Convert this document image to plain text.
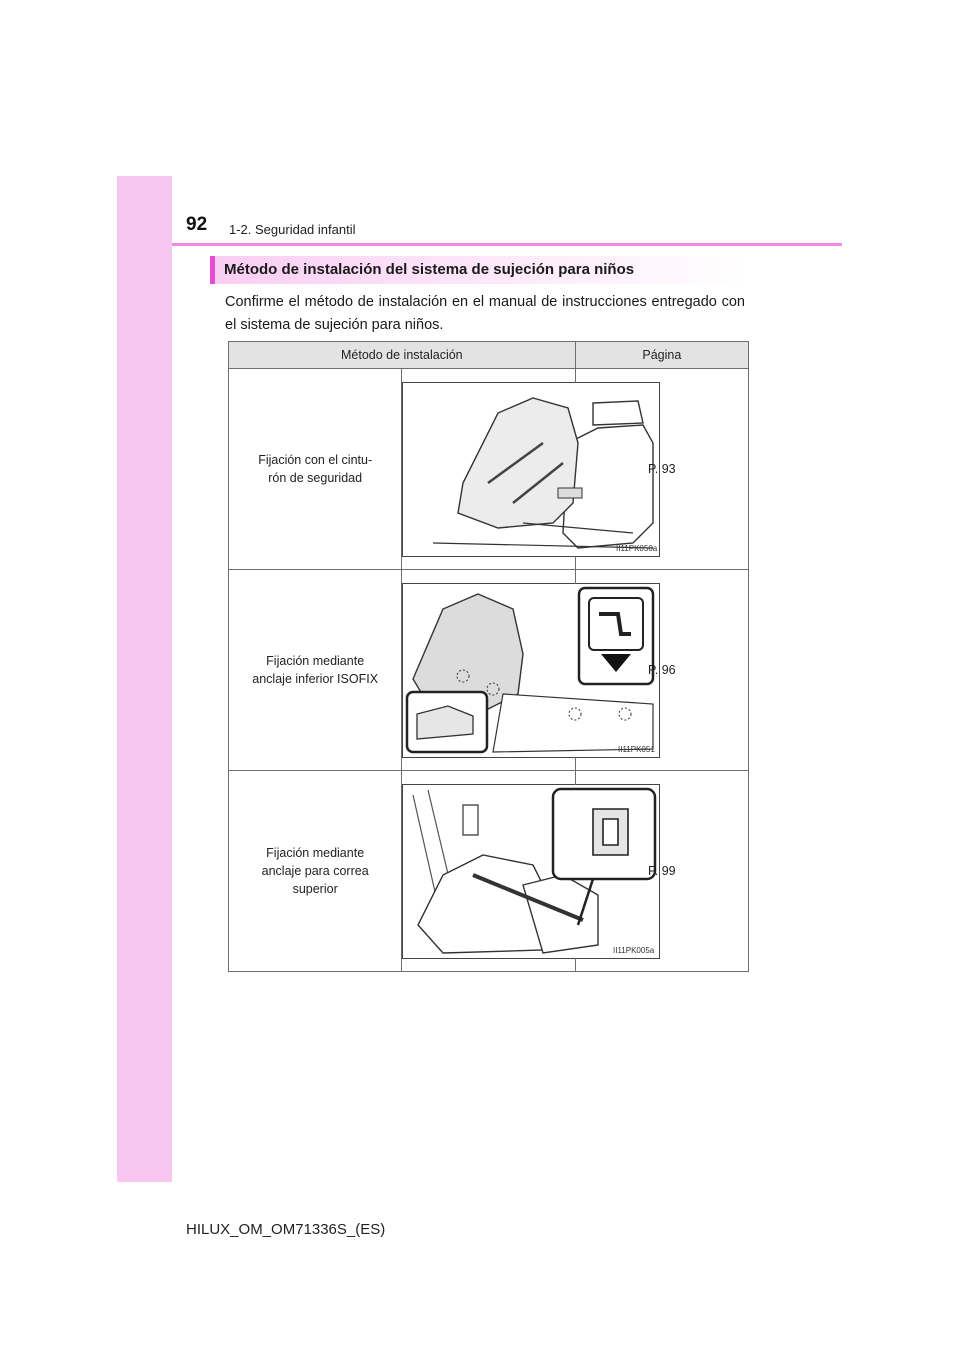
92 1-2. Seguridad infantil
Método de instalación del sistema de sujeción para niños
Confirme el método de instalación en el manual de instrucciones entregado con el sistema de sujeción para niños.
Método de instalación		Página
Fijación con el cintu-
rón de seguridad	II11PK050a	P. 93
Fijación mediante
anclaje inferior ISOFIX	II11PK051	P. 96
Fijación mediante
anclaje para correa
superior	II11PK005a	P. 99
HILUX_OM_OM71336S_(ES)
